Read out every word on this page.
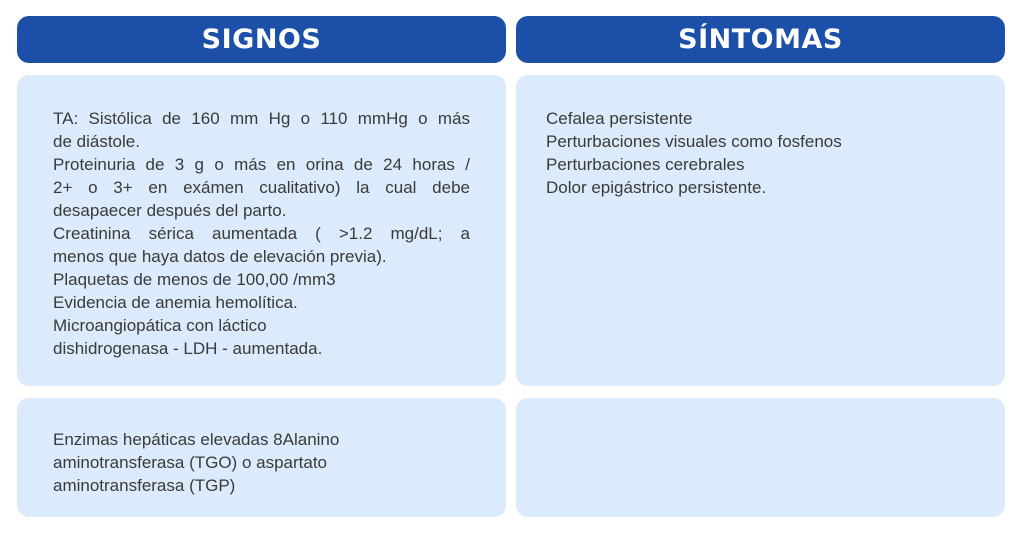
SIGNOS	SÍNTOMAS
TA: Sistólica de 160 mm Hg o 110 mmHg o más
de diástole.
Proteinuria de 3 g o más en orina de 24 horas /
2+ o 3+ en exámen cualitativo) la cual debe
desapaecer después del parto.
Creatinina sérica aumentada ( >1.2 mg/dL; a
menos que haya datos de elevación previa).
Plaquetas de menos de 100,00 /mm3
Evidencia de anemia hemolítica.
Microangiopática con láctico
dishidrogenasa - LDH - aumentada.
Cefalea persistente
Perturbaciones visuales como fosfenos
Perturbaciones cerebrales
Dolor epigástrico persistente.
Enzimas hepáticas elevadas 8Alanino
aminotransferasa (TGO) o aspartato
aminotransferasa (TGP)
